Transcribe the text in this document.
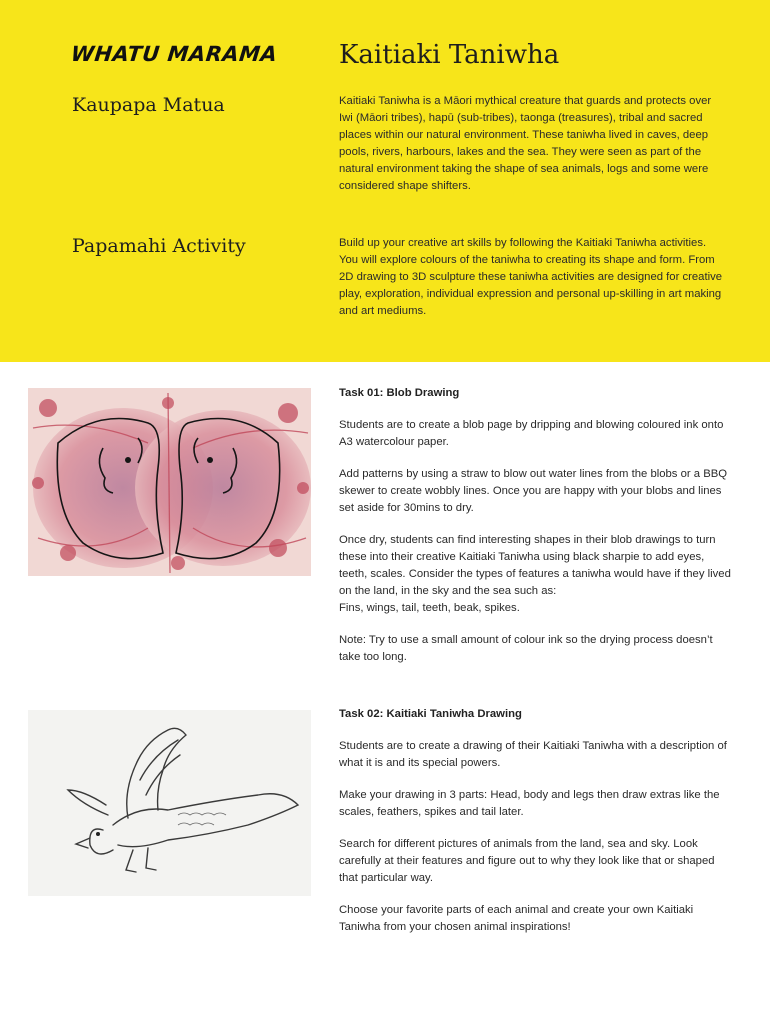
WHATU MARAMA Kaitiaki Taniwha
Kaupapa Matua	Kaitiaki Taniwha is a Māori mythical creature that guards and protects over Iwi (Māori tribes), hapū (sub-tribes), taonga (treasures), tribal and sacred places within our natural environment. These taniwha lived in caves, deep pools, rivers, harbours, lakes and the sea. They were seen as part of the natural environment taking the shape of sea animals, logs and some were considered shape shifters.

Papamahi Activity	Build up your creative art skills by following the Kaitiaki Taniwha activities. You will explore colours of the taniwha to creating its shape and form. From 2D drawing to 3D sculpture these taniwha activities are designed for creative play, exploration, individual expression and personal up-skilling in art making and art mediums.

Task 01: Blob Drawing

Students are to create a blob page by dripping and blowing coloured ink onto A3 watercolour paper.

Add patterns by using a straw to blow out water lines from the blobs or a BBQ skewer to create wobbly lines. Once you are happy with your blobs and lines set aside for 30mins to dry.

Once dry, students can find interesting shapes in their blob drawings to turn these into their creative Kaitiaki Taniwha using black sharpie to add eyes, teeth, scales. Consider the types of features a taniwha would have if they lived on the land, in the sky and the sea such as:
Fins, wings, tail, teeth, beak, spikes.

Note: Try to use a small amount of colour ink so the drying process doesn’t take too long.

Task 02: Kaitiaki Taniwha Drawing

Students are to create a drawing of their Kaitiaki Taniwha with a description of what it is and its special powers.

Make your drawing in 3 parts: Head, body and legs then draw extras like the scales, feathers, spikes and tail later.

Search for different pictures of animals from the land, sea and sky. Look carefully at their features and figure out to why they look like that or shaped that particular way.

Choose your favorite parts of each animal and create your own Kaitiaki Taniwha from your chosen animal inspirations!
